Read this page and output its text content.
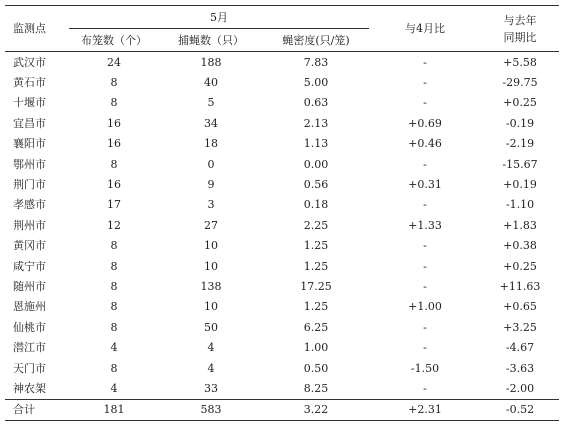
监测点	5月			与4月比	与去年
同期比

	布笼数（个）	捕蝇数（只）	蝇密度(只/笼)		
武汉市	24	188	7.83	-	+5.58
黄石市	8	40	5.00	-	-29.75
十堰市	8	5	0.63	-	+0.25
宜昌市	16	34	2.13	+0.69	-0.19
襄阳市	16	18	1.13	+0.46	-2.19
鄂州市	8	0	0.00	-	-15.67
荆门市	16	9	0.56	+0.31	+0.19
孝感市	17	3	0.18	-	-1.10
荆州市	12	27	2.25	+1.33	+1.83
黄冈市	8	10	1.25	-	+0.38
咸宁市	8	10	1.25	-	+0.25
随州市	8	138	17.25	-	+11.63
恩施州	8	10	1.25	+1.00	+0.65
仙桃市	8	50	6.25	-	+3.25
潜江市	4	4	1.00	-	-4.67
天门市	8	4	0.50	-1.50	-3.63
神农架	4	33	8.25	-	-2.00
合计	181	583	3.22	+2.31	-0.52
